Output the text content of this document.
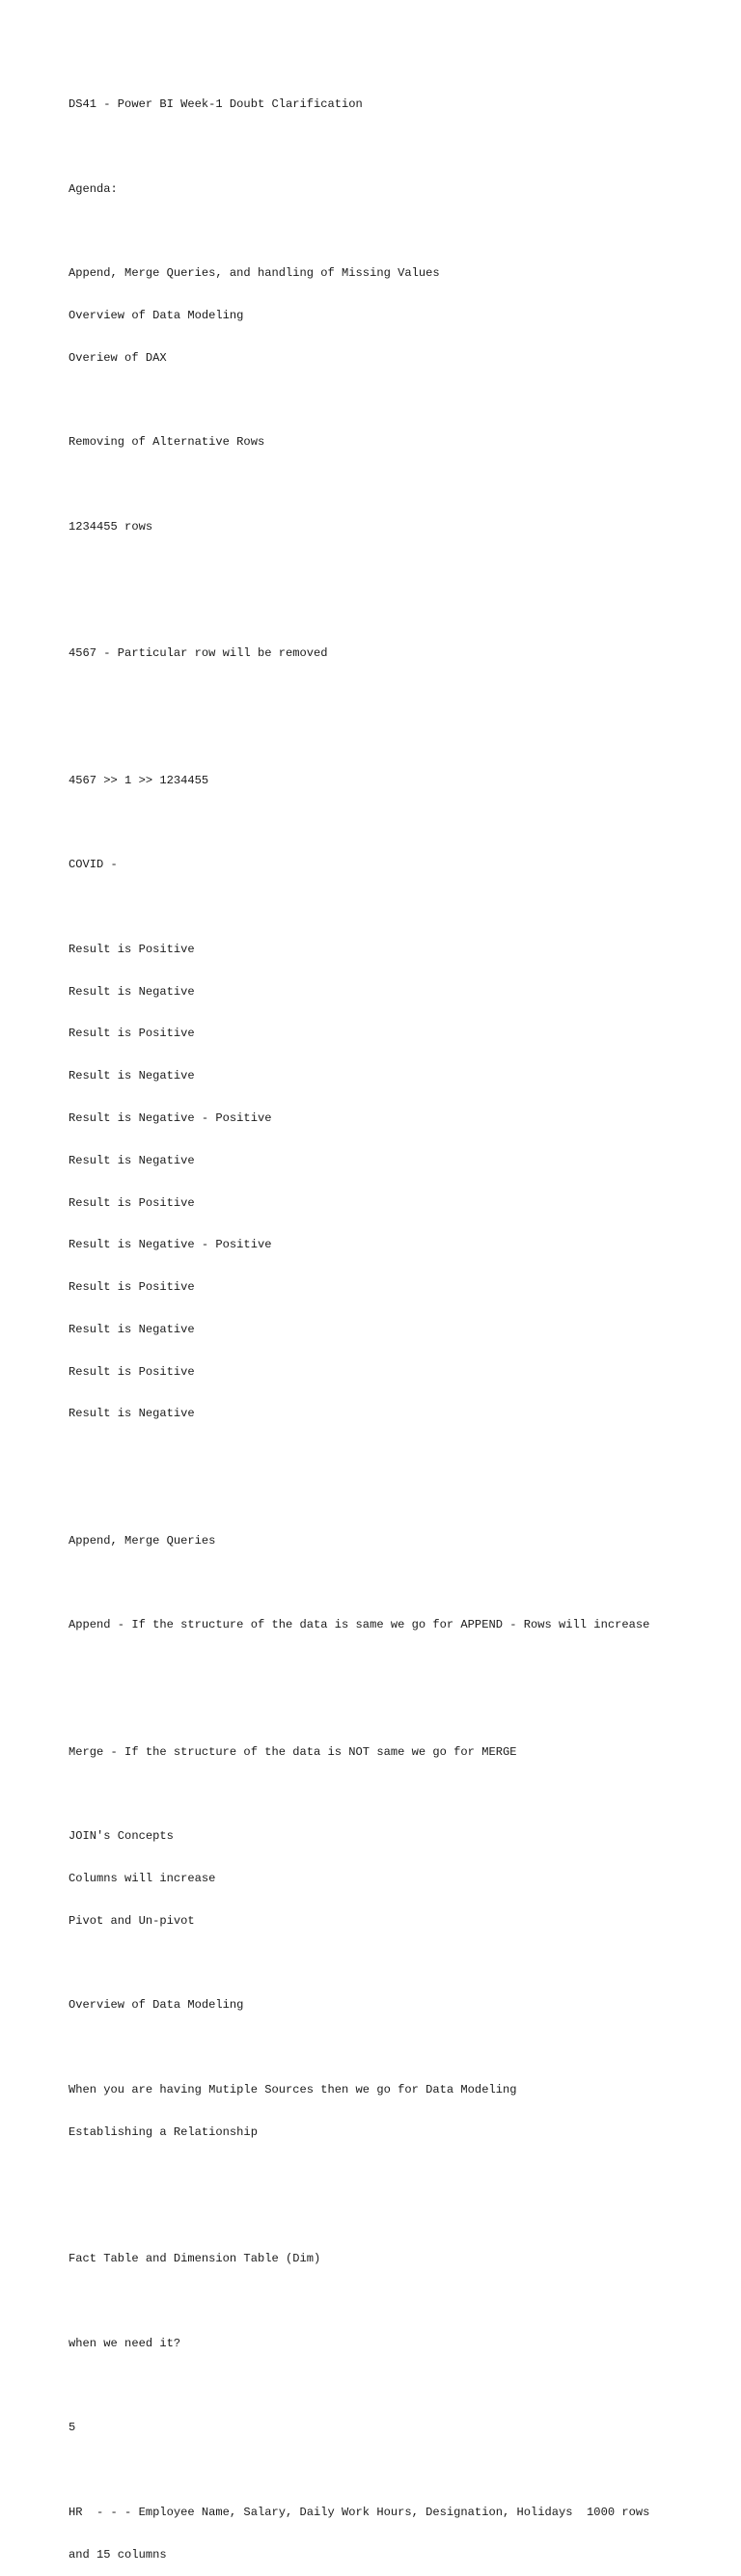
DS41 - Power BI Week-1 Doubt Clarification

Agenda:

Append, Merge Queries, and handling of Missing Values

Overview of Data Modeling

Overiew of DAX

Removing of Alternative Rows

1234455 rows

4567 - Particular row will be removed

4567 >> 1 >> 1234455

COVID -

Result is Positive

Result is Negative

Result is Positive

Result is Negative

Result is Negative - Positive

Result is Negative

Result is Positive

Result is Negative - Positive

Result is Positive

Result is Negative

Result is Positive

Result is Negative

Append, Merge Queries

Append - If the structure of the data is same we go for APPEND - Rows will increase

Merge - If the structure of the data is NOT same we go for MERGE

JOIN's Concepts

Columns will increase

Pivot and Un-pivot

Overview of Data Modeling

When you are having Mutiple Sources then we go for Data Modeling

Establishing a Relationship

Fact Table and Dimension Table (Dim)

when we need it?

5

HR  - - - Employee Name, Salary, Daily Work Hours, Designation, Holidays  1000 rows

and 15 columns
